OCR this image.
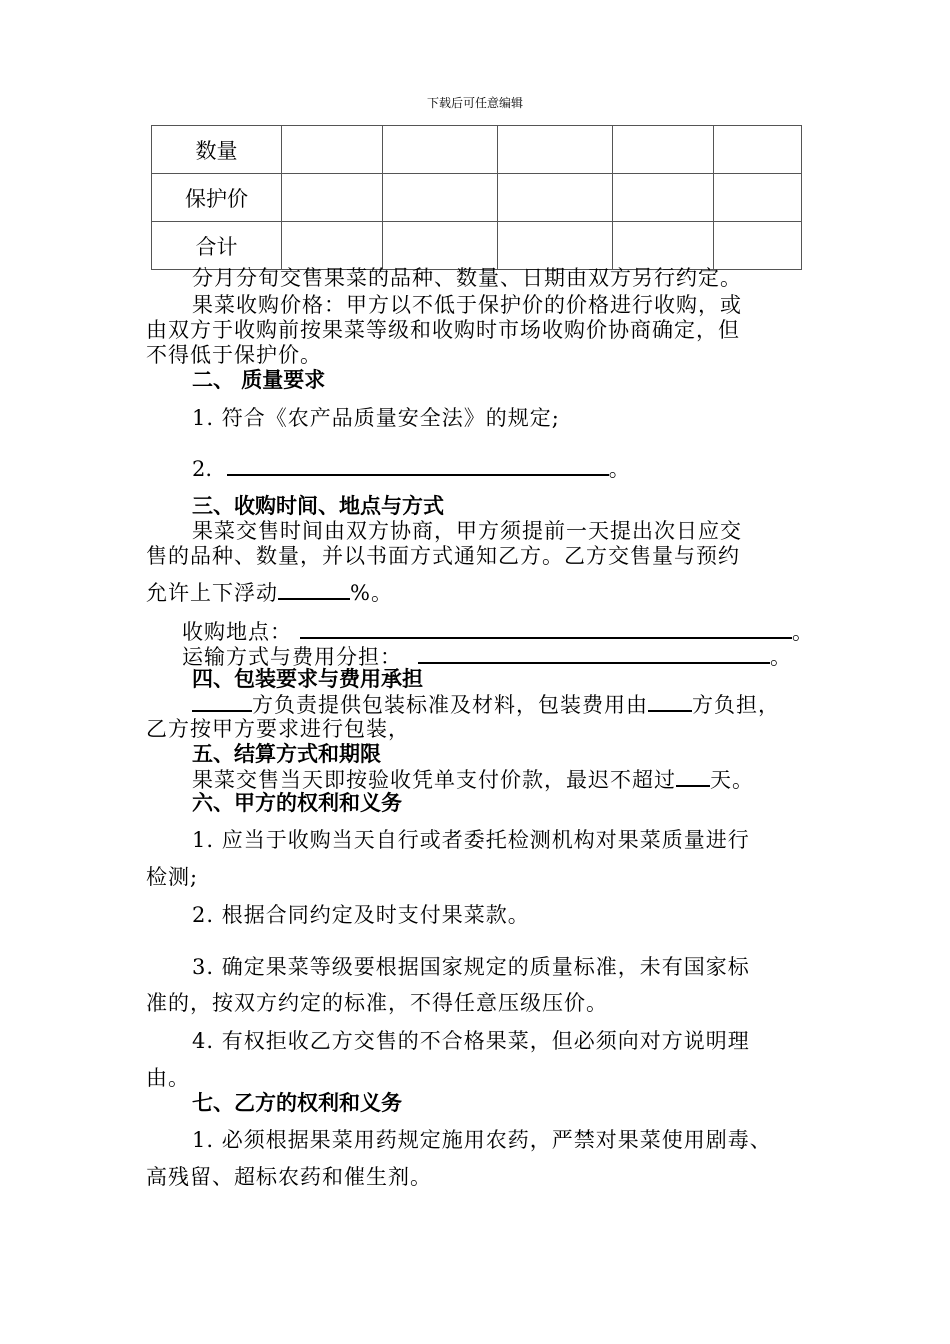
下载后可任意编辑
数量					
保护价					
合计					
分月分旬交售果菜的品种、数量、日期由双方另行约定。
果菜收购价格：甲方以不低于保护价的价格进行收购，或
由双方于收购前按果菜等级和收购时市场收购价协商确定，但
不得低于保护价。
二、 质量要求
1. 符合《农产品质量安全法》的规定;
2.	。
三、收购时间、地点与方式
果菜交售时间由双方协商，甲方须提前一天提出次日应交
售的品种、数量，并以书面方式通知乙方。乙方交售量与预约
允许上下浮动	%。
收购地点：	。
运输方式与费用分担：	。
四、包装要求与费用承担
方负责提供包装标准及材料，包装费用由 方负担，
乙方按甲方要求进行包装，
五、结算方式和期限
果菜交售当天即按验收凭单支付价款，最迟不超过 天。
六、甲方的权利和义务
1. 应当于收购当天自行或者委托检测机构对果菜质量进行
检测;
2. 根据合同约定及时支付果菜款。
3. 确定果菜等级要根据国家规定的质量标准，未有国家标
准的，按双方约定的标准，不得任意压级压价。
4. 有权拒收乙方交售的不合格果菜，但必须向对方说明理
由。
七、乙方的权利和义务
1. 必须根据果菜用药规定施用农药，严禁对果菜使用剧毒、
高残留、超标农药和催生剂。
